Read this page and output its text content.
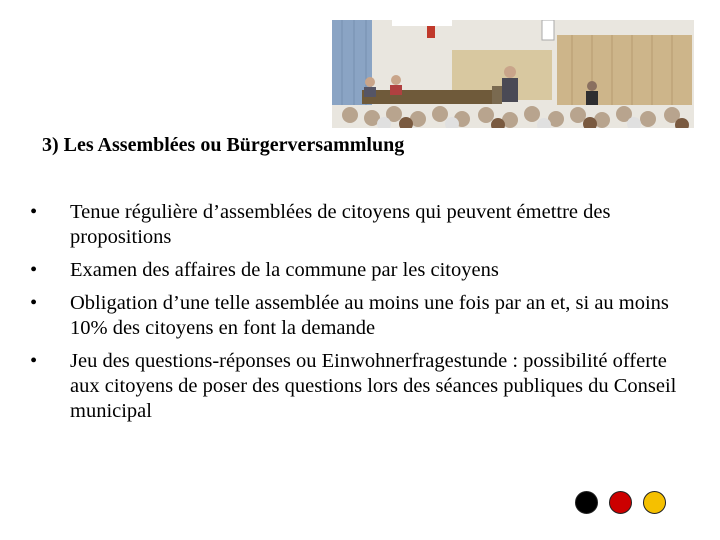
3) Les Assemblées ou Bürgerversammlung
•	Tenue régulière d’assemblées de citoyens qui peuvent émettre des propositions
•	Examen des affaires de la commune par les citoyens
•	Obligation d’une telle assemblée au moins une fois par an et, si au moins 10% des citoyens en font la demande
•	Jeu des questions-réponses ou Einwohnerfragestunde : possibilité offerte aux citoyens de poser des questions lors des séances publiques du Conseil municipal
